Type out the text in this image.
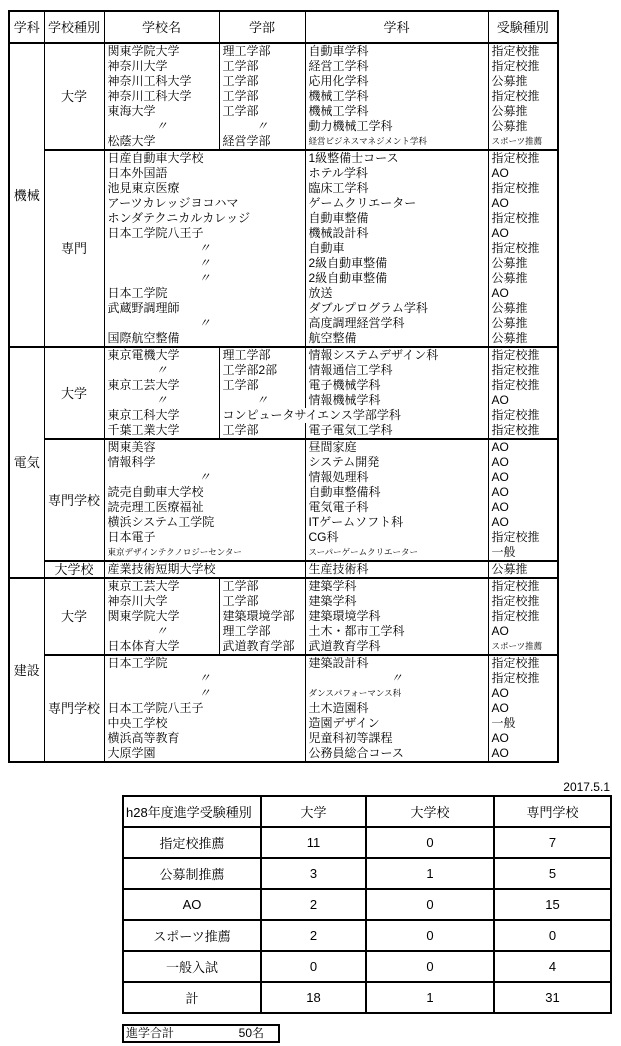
学科	学校種別	学校名	学部	学科	受験種別
機械	大学	関東学院大学	理工学部	自動車学科	指定校推
		神奈川大学	工学部	経営工学科	指定校推
		神奈川工科大学	工学部	応用化学科	公募推
		神奈川工科大学	工学部	機械工学科	指定校推
		東海大学	工学部	機械工学科	公募推
		〃	〃	動力機械工学科	公募推
		松蔭大学	経営学部	経営ビジネスマネジメント学科	スポーツ推薦
	専門	日産自動車大学校		1級整備士コース	指定校推
		日本外国語		ホテル学科	AO
		池見東京医療		臨床工学科	指定校推
		アーツカレッジヨコハマ		ゲームクリエーター	AO
		ホンダテクニカルカレッジ		自動車整備	指定校推
		日本工学院八王子		機械設計科	AO
		〃		自動車	指定校推
		〃		2級自動車整備	公募推
		〃		2級自動車整備	公募推
		日本工学院		放送	AO
		武蔵野調理師		ダブルプログラム学科	公募推
		〃		高度調理経営学科	公募推
		国際航空整備		航空整備	公募推
電気	大学	東京電機大学	理工学部	情報システムデザイン科	指定校推
		〃	工学部2部	情報通信工学科	指定校推
		東京工芸大学	工学部	電子機械学科	指定校推
		〃	〃	情報機械学科	AO
		東京工科大学	コンピュータサイエンス学部学科		指定校推
		千葉工業大学	工学部	電子電気工学科	指定校推
	専門学校	関東美容		昼間家庭	AO
		情報科学		システム開発	AO
		〃		情報処理科	AO
		読売自動車大学校		自動車整備科	AO
		読売理工医療福祉		電気電子科	AO
		横浜システム工学院		ITゲームソフト科	AO
		日本電子		CG科	指定校推
		東京デザインテクノロジーセンター		スーパーゲームクリエーター	一般
	大学校	産業技術短期大学校		生産技術科	公募推
建設	大学	東京工芸大学	工学部	建築学科	指定校推
		神奈川大学	工学部	建築学科	指定校推
		関東学院大学	建築環境学部	建築環境学科	指定校推
		〃	理工学部	土木・都市工学科	AO
		日本体育大学	武道教育学部	武道教育学科	スポーツ推薦
	専門学校	日本工学院		建築設計科	指定校推
		〃		〃	指定校推
		〃		ダンスパフォーマンス科	AO
		日本工学院八王子		土木造園科	AO
		中央工学校		造園デザイン	一般
		横浜高等教育		児童科初等課程	AO
		大原学園		公務員総合コース	AO
2017.5.1
h28年度進学受験種別	大学	大学校	専門学校
指定校推薦	11	0	7
公募制推薦	3	1	5
AO	2	0	15
スポーツ推薦	2	0	0
一般入試	0	0	4
計	18	1	31
進学合計	50名
